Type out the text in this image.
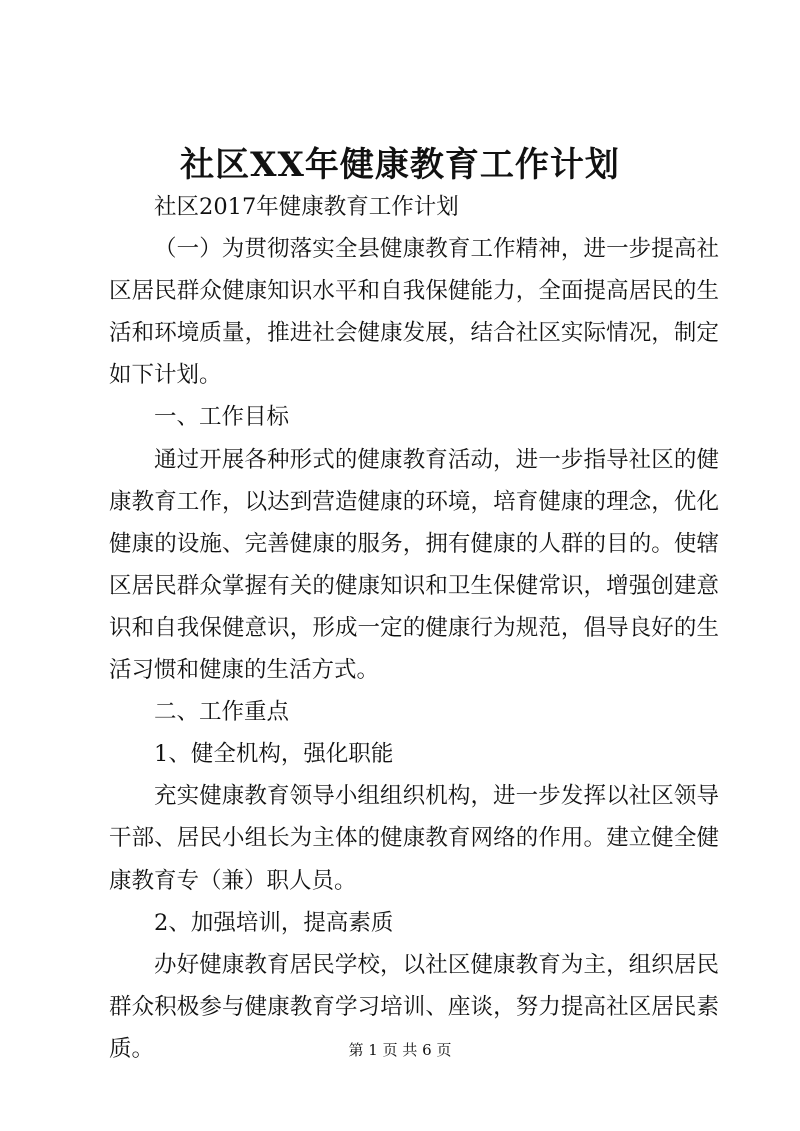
社区XX年健康教育工作计划

社区2017年健康教育工作计划

（一）为贯彻落实全县健康教育工作精神，进一步提高社区居民群众健康知识水平和自我保健能力，全面提高居民的生活和环境质量，推进社会健康发展，结合社区实际情况，制定如下计划。

一、工作目标

通过开展各种形式的健康教育活动，进一步指导社区的健康教育工作，以达到营造健康的环境，培育健康的理念，优化健康的设施、完善健康的服务，拥有健康的人群的目的。使辖区居民群众掌握有关的健康知识和卫生保健常识，增强创建意识和自我保健意识，形成一定的健康行为规范，倡导良好的生活习惯和健康的生活方式。

二、工作重点

1、健全机构，强化职能

充实健康教育领导小组组织机构，进一步发挥以社区领导干部、居民小组长为主体的健康教育网络的作用。建立健全健康教育专（兼）职人员。

2、加强培训，提高素质

办好健康教育居民学校，以社区健康教育为主，组织居民群众积极参与健康教育学习培训、座谈，努力提高社区居民素质。	第 1 页 共 6 页
